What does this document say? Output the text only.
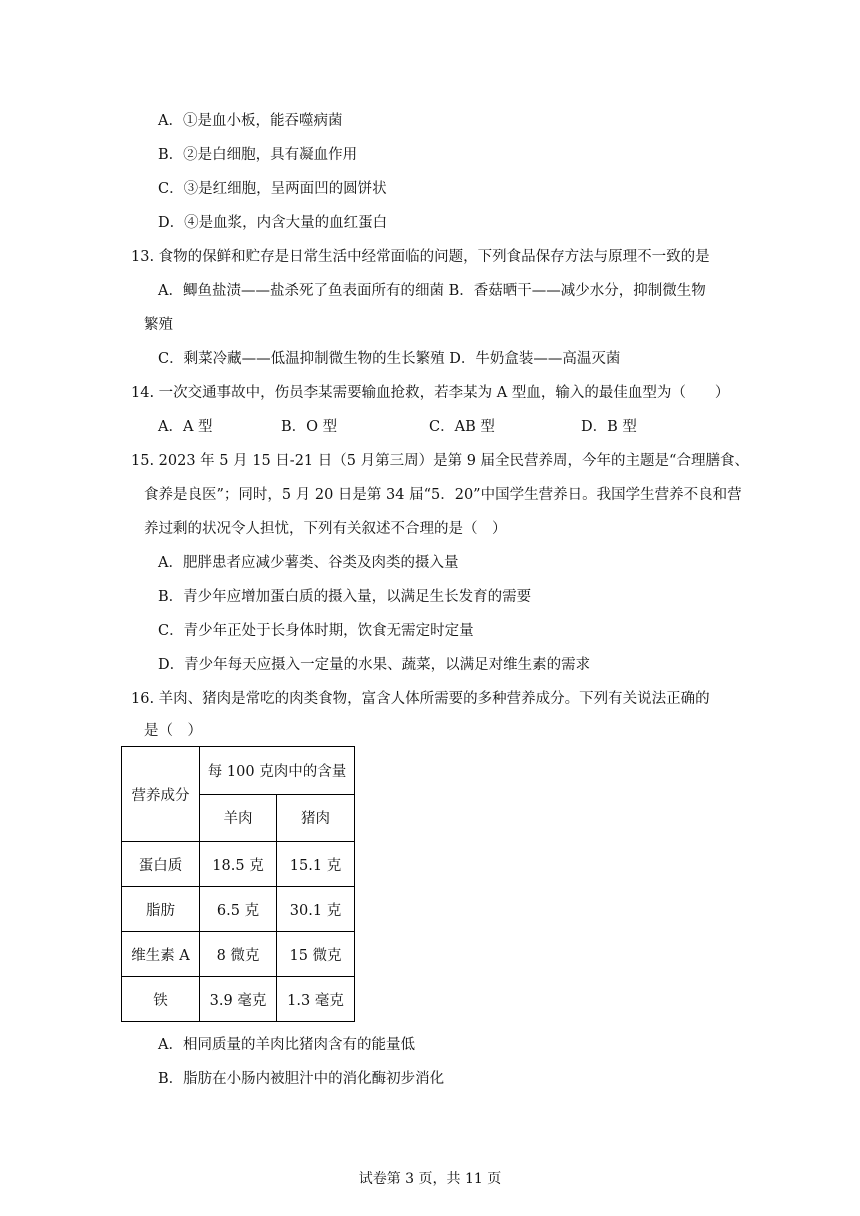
A．①是血小板，能吞噬病菌
B．②是白细胞，具有凝血作用
C．③是红细胞，呈两面凹的圆饼状
D．④是血浆，内含大量的血红蛋白
13. 食物的保鲜和贮存是日常生活中经常面临的问题，下列食品保存方法与原理不一致的是
A．鲫鱼盐渍——盐杀死了鱼表面所有的细菌 B．香菇晒干——减少水分，抑制微生物
繁殖
C．剩菜冷藏——低温抑制微生物的生长繁殖 D．牛奶盒装——高温灭菌
14. 一次交通事故中，伤员李某需要输血抢救，若李某为 A 型血，输入的最佳血型为（　　）
A．A 型	B．O 型	C．AB 型	D．B 型
15. 2023 年 5 月 15 日-21 日（5 月第三周）是第 9 届全民营养周，今年的主题是“合理膳食、
食养是良医”；同时，5 月 20 日是第 34 届“5．20”中国学生营养日。我国学生营养不良和营
养过剩的状况令人担忧，下列有关叙述不合理的是（　）
A．肥胖患者应减少薯类、谷类及肉类的摄入量
B．青少年应增加蛋白质的摄入量，以满足生长发育的需要
C．青少年正处于长身体时期，饮食无需定时定量
D．青少年每天应摄入一定量的水果、蔬菜，以满足对维生素的需求
16. 羊肉、猪肉是常吃的肉类食物，富含人体所需要的多种营养成分。下列有关说法正确的
是（　）
营养成分	每 100 克肉中的含量	
	羊肉	猪肉
蛋白质	18.5 克	15.1 克
脂肪	6.5 克	30.1 克
维生素 A	8 微克	15 微克
铁	3.9 毫克	1.3 毫克
A．相同质量的羊肉比猪肉含有的能量低
B．脂肪在小肠内被胆汁中的消化酶初步消化
试卷第 3 页，共 11 页
